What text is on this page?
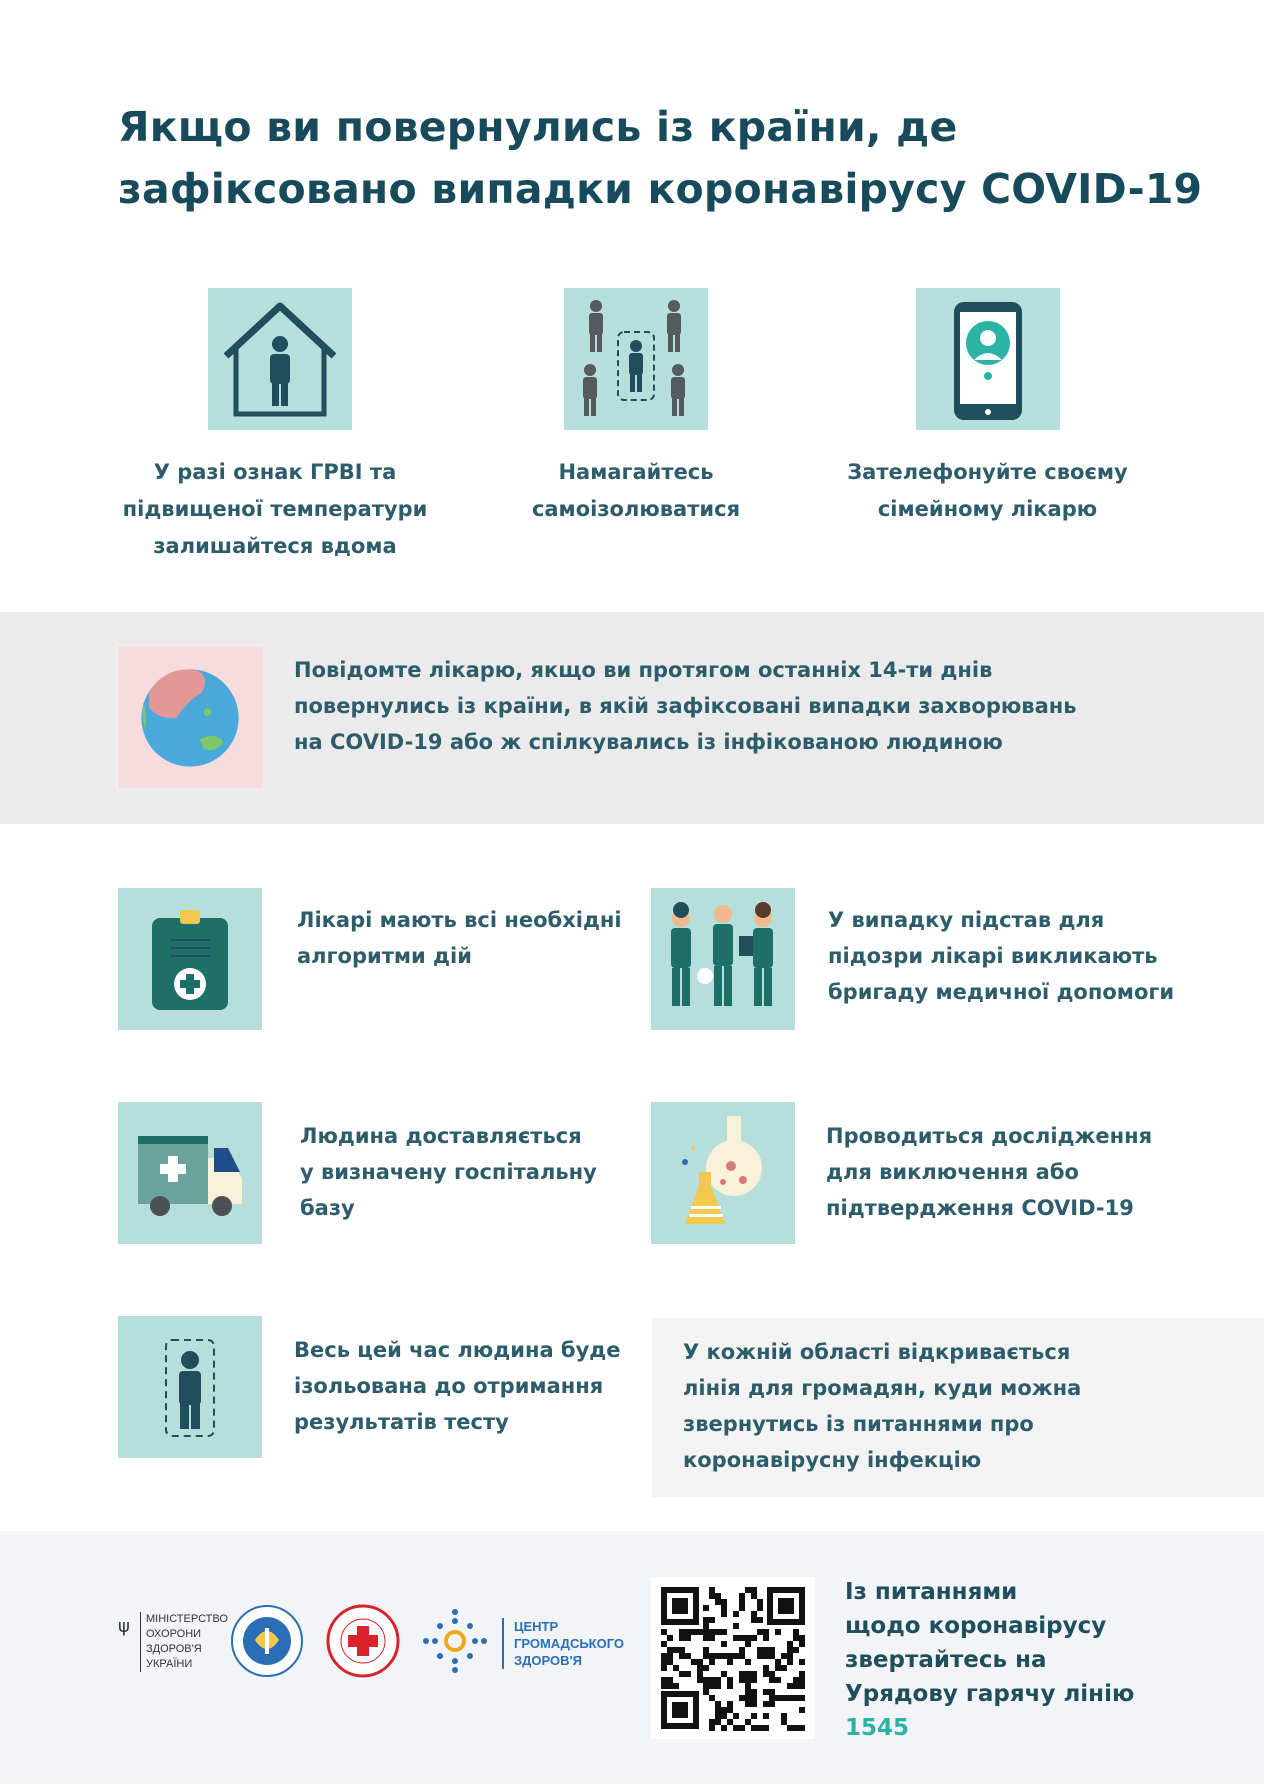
Якщо ви повернулись із країни, де
зафіксовано випадки коронавірусу COVID-19
У разі ознак ГРВІ та
підвищеної температури
залишайтеся вдома
Намагайтесь
самоізолюватися
Зателефонуйте своєму
сімейному лікарю
Повідомте лікарю, якщо ви протягом останніх 14-ти днів
повернулись із країни, в якій зафіксовані випадки захворювань
на COVID-19 або ж спілкувались із інфікованою людиною
Лікарі мають всі необхідні
алгоритми дій
У випадку підстав для
підозри лікарі викликають
бригаду медичної допомоги
Людина доставляється
у визначену госпітальну
базу
Проводиться дослідження
для виключення або
підтвердження COVID-19
Весь цей час людина буде
ізольована до отримання
результатів тесту
У кожній області відкривається
лінія для громадян, куди можна
звернутись із питаннями про
коронавірусну інфекцію
ψ МІНІСТЕРСТВО
ОХОРОНИ
ЗДОРОВ'Я
УКРАЇНИ
ЦЕНТР
ГРОМАДСЬКОГО
ЗДОРОВ'Я
Із питаннями
щодо коронавірусу
звертайтесь на
Урядову гарячу лінію
1545
